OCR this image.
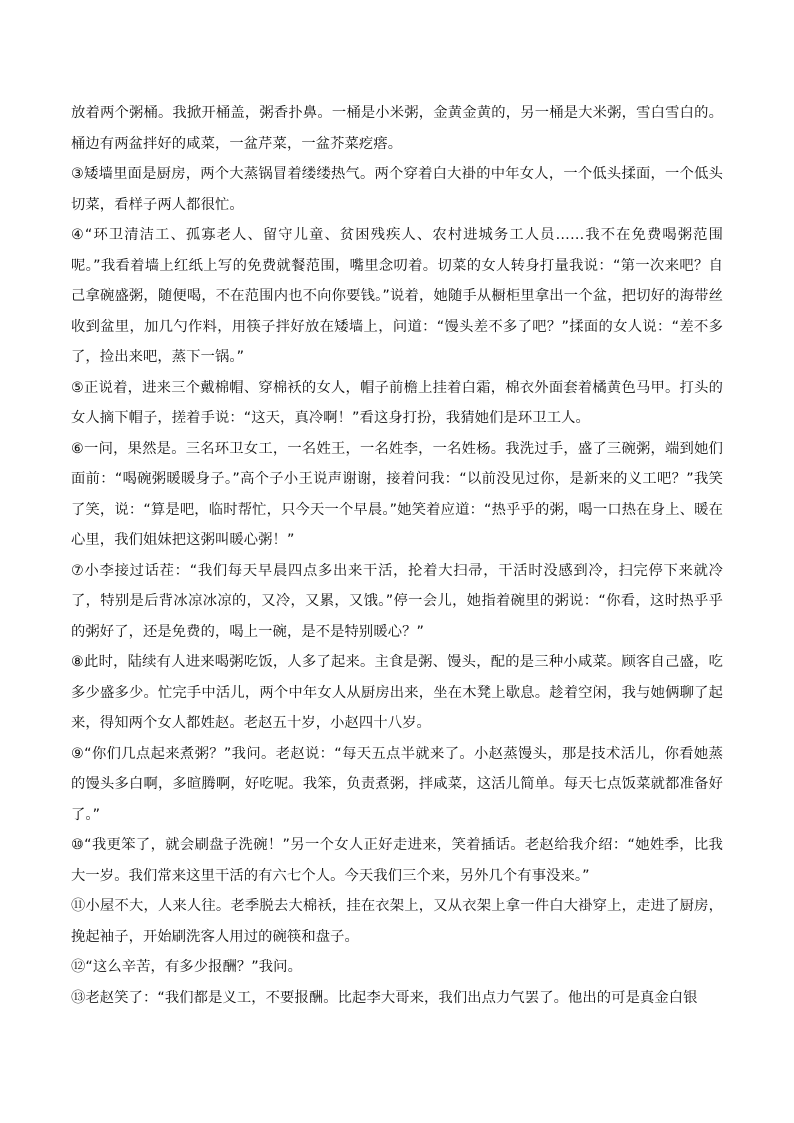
放着两个粥桶。我掀开桶盖，粥香扑鼻。一桶是小米粥，金黄金黄的，另一桶是大米粥，雪白雪白的。桶边有两盆拌好的咸菜，一盆芹菜，一盆芥菜疙瘩。

③矮墙里面是厨房，两个大蒸锅冒着缕缕热气。两个穿着白大褂的中年女人，一个低头揉面，一个低头切菜，看样子两人都很忙。

④“环卫清洁工、孤寡老人、留守儿童、贫困残疾人、农村进城务工人员……我不在免费喝粥范围呢。”我看着墙上红纸上写的免费就餐范围，嘴里念叨着。切菜的女人转身打量我说：“第一次来吧？自己拿碗盛粥，随便喝，不在范围内也不向你要钱。”说着，她随手从橱柜里拿出一个盆，把切好的海带丝收到盆里，加几勺作料，用筷子拌好放在矮墙上，问道：“馒头差不多了吧？”揉面的女人说：“差不多了，捡出来吧，蒸下一锅。”

⑤正说着，进来三个戴棉帽、穿棉袄的女人，帽子前檐上挂着白霜，棉衣外面套着橘黄色马甲。打头的女人摘下帽子，搓着手说：“这天，真冷啊！”看这身打扮，我猜她们是环卫工人。

⑥一问，果然是。三名环卫女工，一名姓王，一名姓李，一名姓杨。我洗过手，盛了三碗粥，端到她们面前：“喝碗粥暖暖身子。”高个子小王说声谢谢，接着问我：“以前没见过你，是新来的义工吧？”我笑了笑，说：“算是吧，临时帮忙，只今天一个早晨。”她笑着应道：“热乎乎的粥，喝一口热在身上、暖在心里，我们姐妹把这粥叫暖心粥！”

⑦小李接过话茬：“我们每天早晨四点多出来干活，抡着大扫帚，干活时没感到冷，扫完停下来就冷了，特别是后背冰凉冰凉的，又冷，又累，又饿。”停一会儿，她指着碗里的粥说：“你看，这时热乎乎的粥好了，还是免费的，喝上一碗，是不是特别暖心？”

⑧此时，陆续有人进来喝粥吃饭，人多了起来。主食是粥、馒头，配的是三种小咸菜。顾客自己盛，吃多少盛多少。忙完手中活儿，两个中年女人从厨房出来，坐在木凳上歇息。趁着空闲，我与她俩聊了起来，得知两个女人都姓赵。老赵五十岁，小赵四十八岁。

⑨“你们几点起来煮粥？”我问。老赵说：“每天五点半就来了。小赵蒸馒头，那是技术活儿，你看她蒸的馒头多白啊，多暄腾啊，好吃呢。我笨，负责煮粥，拌咸菜，这活儿简单。每天七点饭菜就都准备好了。”

⑩“我更笨了，就会刷盘子洗碗！”另一个女人正好走进来，笑着插话。老赵给我介绍：“她姓季，比我大一岁。我们常来这里干活的有六七个人。今天我们三个来，另外几个有事没来。”

⑪小屋不大，人来人往。老季脱去大棉袄，挂在衣架上，又从衣架上拿一件白大褂穿上，走进了厨房，挽起袖子，开始刷洗客人用过的碗筷和盘子。

⑫“这么辛苦，有多少报酬？”我问。

⑬老赵笑了：“我们都是义工，不要报酬。比起李大哥来，我们出点力气罢了。他出的可是真金白银
